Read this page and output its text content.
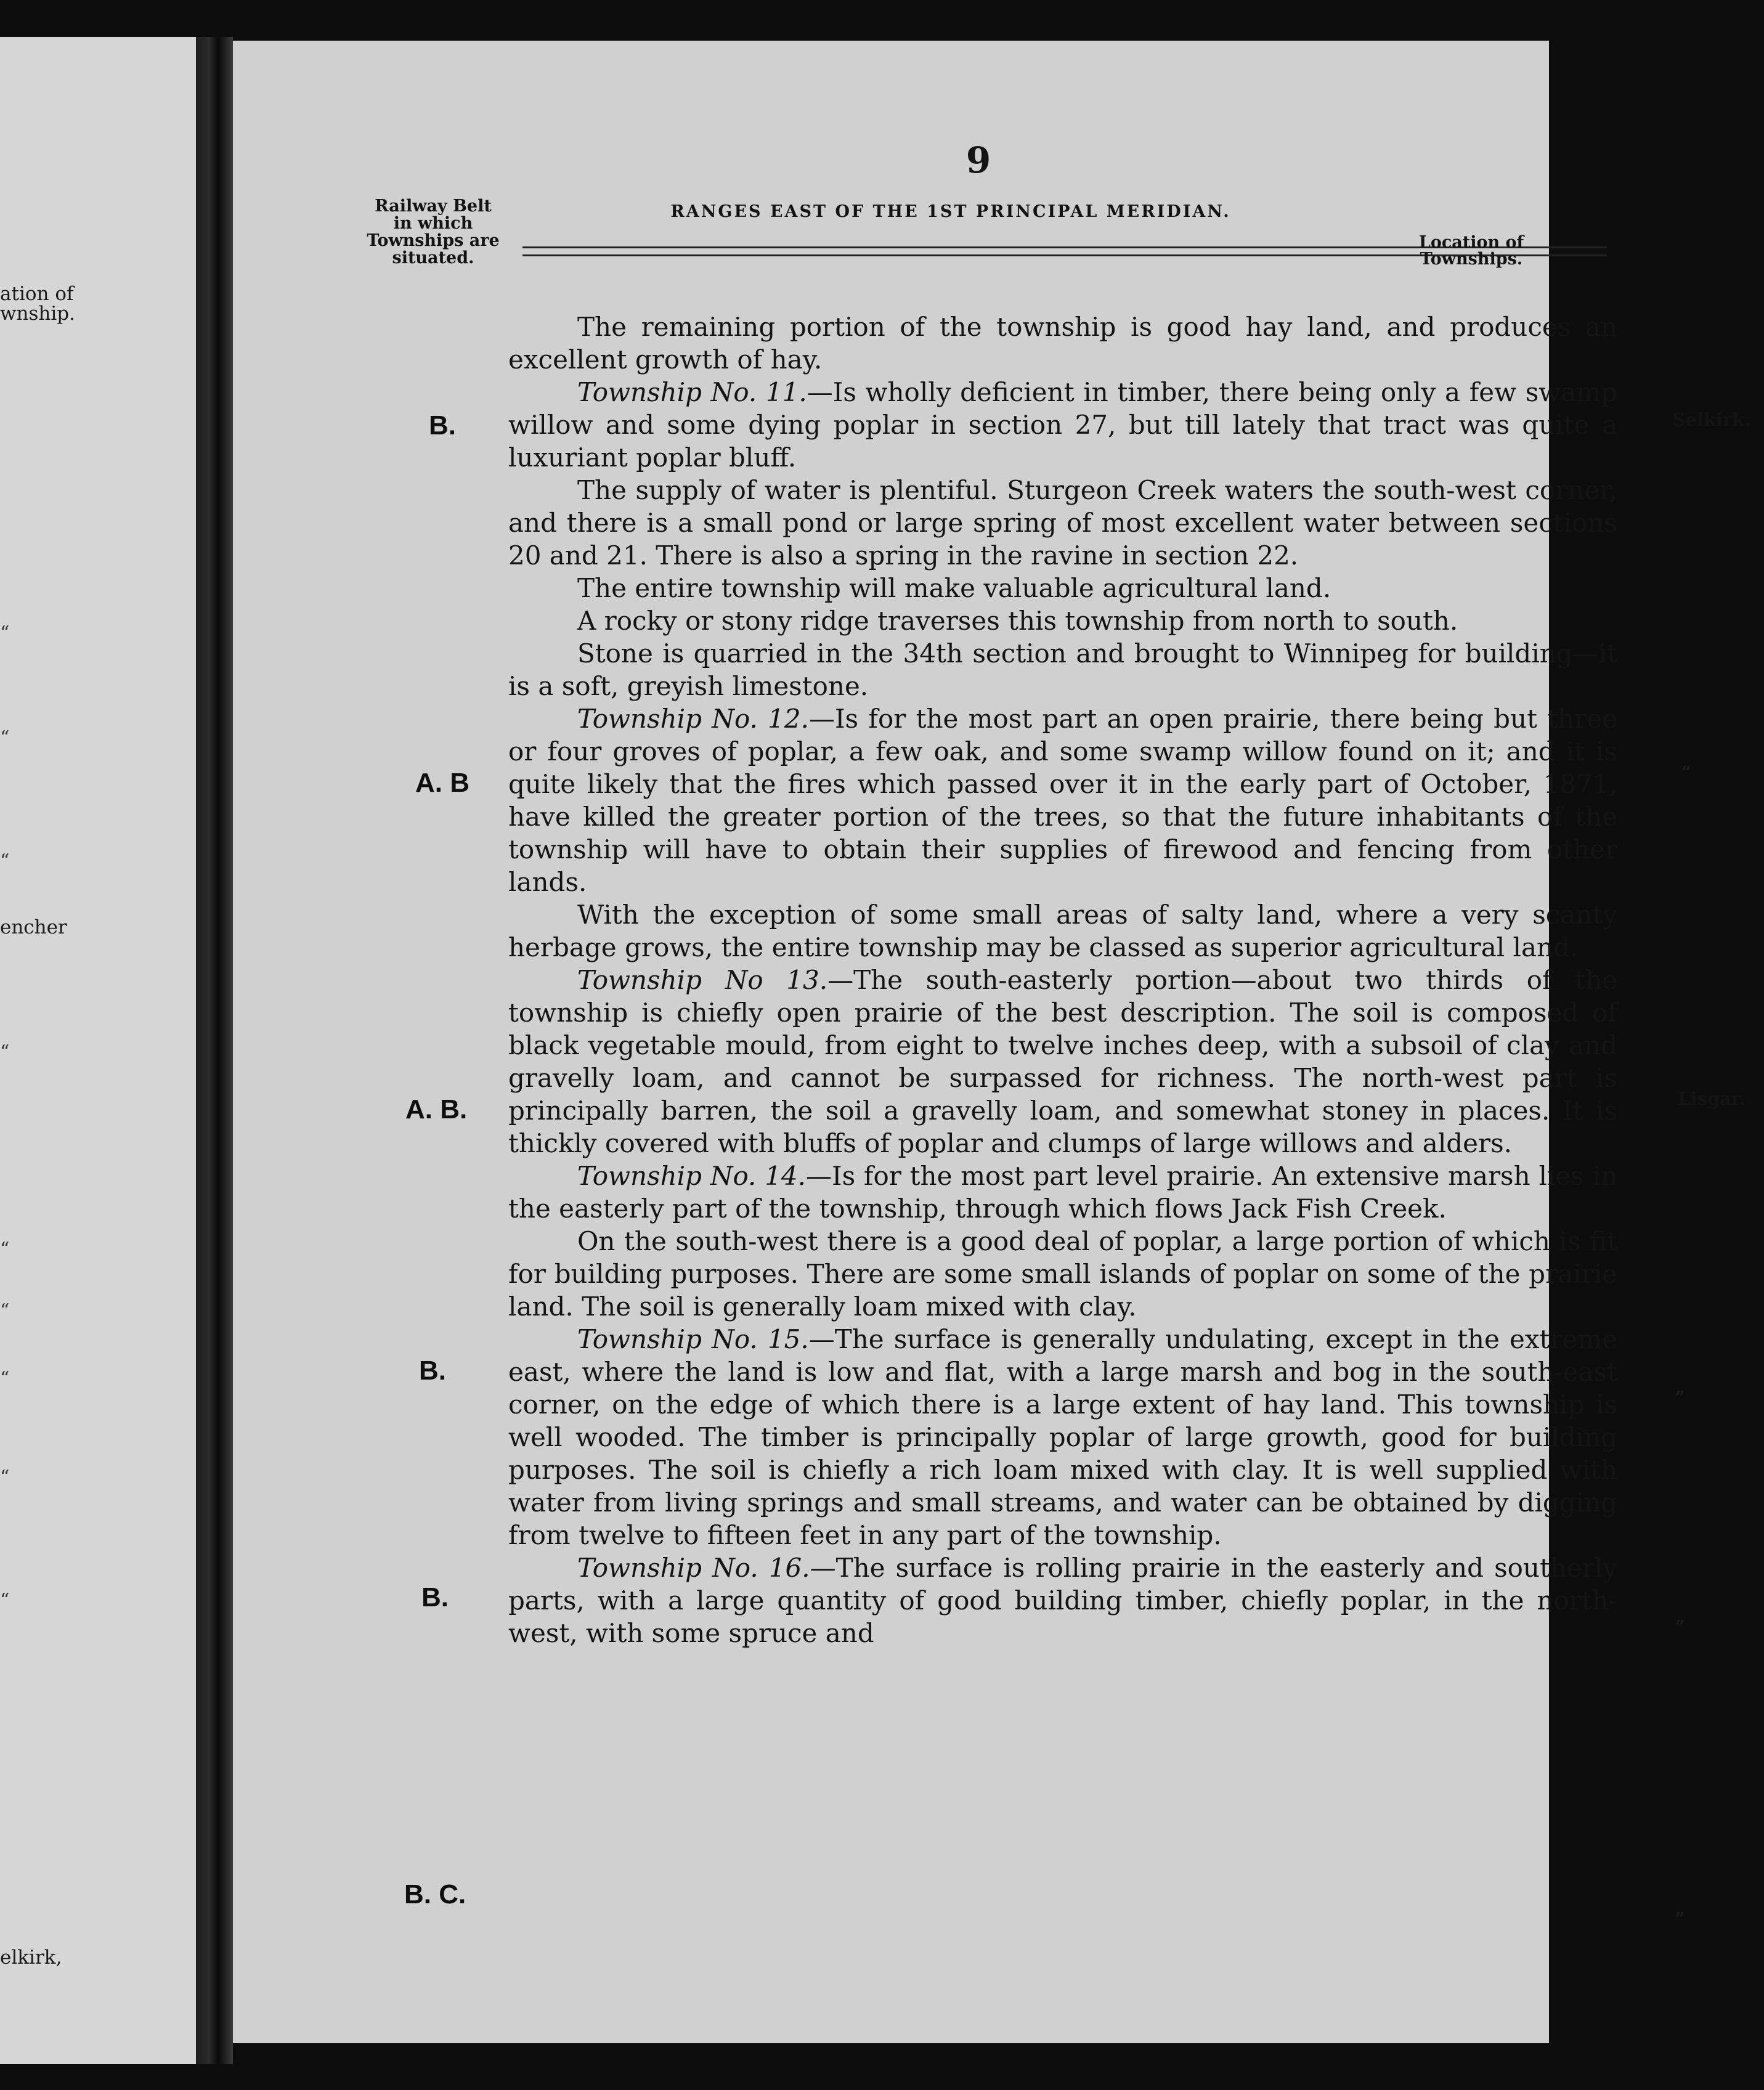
ation of
wnship.
“
“
“
encher
“
“
“
“
“
“
elkirk,
9
Railway Belt
in which
Townships are
situated.
RANGES EAST OF THE 1ST PRINCIPAL MERIDIAN.
Location of
Townships.
B.
A. B
A. B.
B.
B.
B. C.
Selkirk.
“
Lisgar.
”
”
”

The remaining portion of the township is good hay land, and produces an excellent growth of hay.

Township No. 11.—Is wholly deficient in timber, there being only a few swamp willow and some dying poplar in section 27, but till lately that tract was quite a luxuriant poplar bluff.

The supply of water is plentiful. Sturgeon Creek waters the south-west corner, and there is a small pond or large spring of most excellent water between sections 20 and 21. There is also a spring in the ravine in section 22.

The entire township will make valuable agricultural land.

A rocky or stony ridge traverses this township from north to south.

Stone is quarried in the 34th section and brought to Winnipeg for building—it is a soft, greyish limestone.

Township No. 12.—Is for the most part an open prairie, there being but three or four groves of poplar, a few oak, and some swamp willow found on it; and it is quite likely that the fires which passed over it in the early part of October, 1871, have killed the greater portion of the trees, so that the future inhabitants of the township will have to obtain their supplies of firewood and fencing from other lands.

With the exception of some small areas of salty land, where a very scanty herbage grows, the entire township may be classed as superior agricultural land.

Township No 13.—The south-easterly portion—about two thirds of the township is chiefly open prairie of the best description. The soil is composed of black vegetable mould, from eight to twelve inches deep, with a subsoil of clay and gravelly loam, and cannot be surpassed for richness. The north-west part is principally barren, the soil a gravelly loam, and somewhat stoney in places. It is thickly covered with bluffs of poplar and clumps of large willows and alders.

Township No. 14.—Is for the most part level prairie. An extensive marsh lies in the easterly part of the township, through which flows Jack Fish Creek.

On the south-west there is a good deal of poplar, a large portion of which is fit for building purposes. There are some small islands of poplar on some of the prairie land. The soil is generally loam mixed with clay.

Township No. 15.—The surface is generally undulating, except in the extreme east, where the land is low and flat, with a large marsh and bog in the south-east corner, on the edge of which there is a large extent of hay land. This township is well wooded. The timber is principally poplar of large growth, good for building purposes. The soil is chiefly a rich loam mixed with clay. It is well supplied with water from living springs and small streams, and water can be obtained by digging from twelve to fifteen feet in any part of the township.

Township No. 16.—The surface is rolling prairie in the easterly and southerly parts, with a large quantity of good building timber, chiefly poplar, in the north-west, with some spruce and
